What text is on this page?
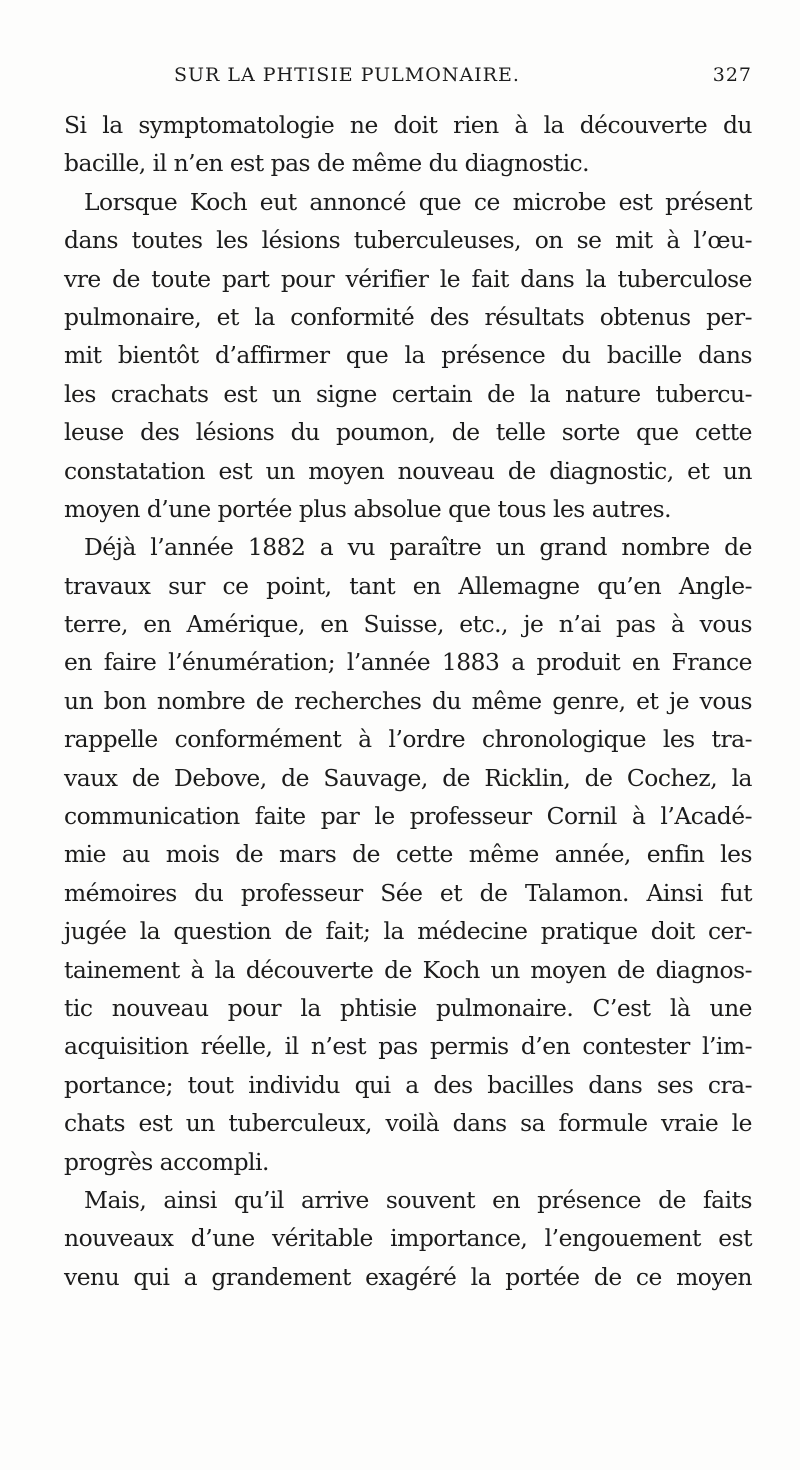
SUR LA PHTISIE PULMONAIRE.	327
Si la symptomatologie ne doit rien à la découverte du
bacille, il n’en est pas de même du diagnostic.
Lorsque Koch eut annoncé que ce microbe est présent
dans toutes les lésions tuberculeuses, on se mit à l’œu-
vre de toute part pour vérifier le fait dans la tuberculose
pulmonaire, et la conformité des résultats obtenus per-
mit bientôt d’affirmer que la présence du bacille dans
les crachats est un signe certain de la nature tubercu-
leuse des lésions du poumon, de telle sorte que cette
constatation est un moyen nouveau de diagnostic, et un
moyen d’une portée plus absolue que tous les autres.
Déjà l’année 1882 a vu paraître un grand nombre de
travaux sur ce point, tant en Allemagne qu’en Angle-
terre, en Amérique, en Suisse, etc., je n’ai pas à vous
en faire l’énumération; l’année 1883 a produit en France
un bon nombre de recherches du même genre, et je vous
rappelle conformément à l’ordre chronologique les tra-
vaux de Debove, de Sauvage, de Ricklin, de Cochez, la
communication faite par le professeur Cornil à l’Acadé-
mie au mois de mars de cette même année, enfin les
mémoires du professeur Sée et de Talamon. Ainsi fut
jugée la question de fait; la médecine pratique doit cer-
tainement à la découverte de Koch un moyen de diagnos-
tic nouveau pour la phtisie pulmonaire. C’est là une
acquisition réelle, il n’est pas permis d’en contester l’im-
portance; tout individu qui a des bacilles dans ses cra-
chats est un tuberculeux, voilà dans sa formule vraie le
progrès accompli.
Mais, ainsi qu’il arrive souvent en présence de faits
nouveaux d’une véritable importance, l’engouement est
venu qui a grandement exagéré la portée de ce moyen
